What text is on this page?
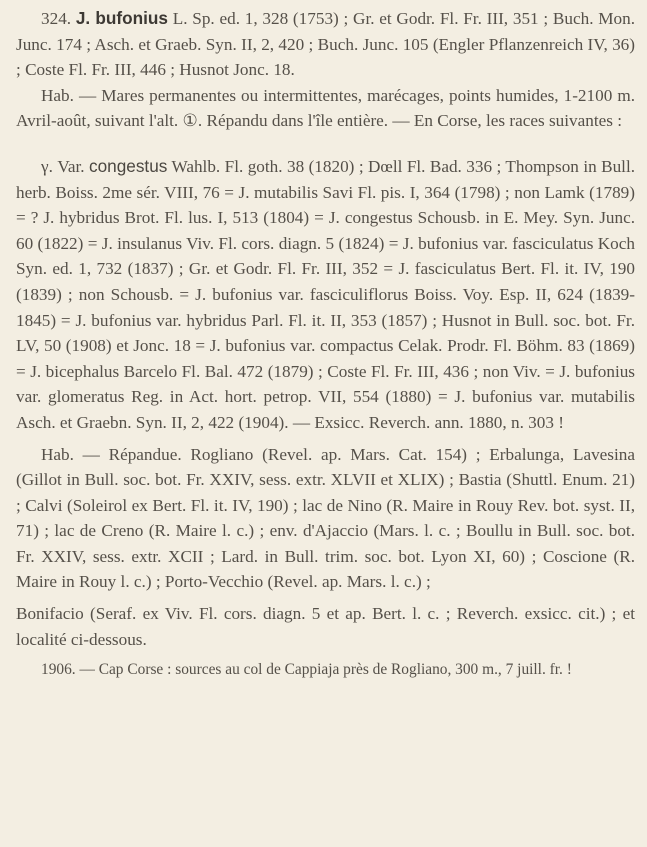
324. J. bufonius L. Sp. ed. 1, 328 (1753) ; Gr. et Godr. Fl. Fr. III, 351 ; Buch. Mon. Junc. 174 ; Asch. et Graeb. Syn. II, 2, 420 ; Buch. Junc. 105 (Engler Pflanzenreich IV, 36) ; Coste Fl. Fr. III, 446 ; Husnot Jonc. 18.

Hab. — Mares permanentes ou intermittentes, marécages, points humides, 1-2100 m. Avril-août, suivant l'alt. ①. Répandu dans l'île entière. — En Corse, les races suivantes :

γ. Var. congestus Wahlb. Fl. goth. 38 (1820) ; Dœll Fl. Bad. 336 ; Thompson in Bull. herb. Boiss. 2me sér. VIII, 76 = J. mutabilis Savi Fl. pis. I, 364 (1798) ; non Lamk (1789) = ? J. hybridus Brot. Fl. lus. I, 513 (1804) = J. congestus Schousb. in E. Mey. Syn. Junc. 60 (1822) = J. insulanus Viv. Fl. cors. diagn. 5 (1824) = J. bufonius var. fasciculatus Koch Syn. ed. 1, 732 (1837) ; Gr. et Godr. Fl. Fr. III, 352 = J. fasciculatus Bert. Fl. it. IV, 190 (1839) ; non Schousb. = J. bufonius var. fasciculiflorus Boiss. Voy. Esp. II, 624 (1839-1845) = J. bufonius var. hybridus Parl. Fl. it. II, 353 (1857) ; Husnot in Bull. soc. bot. Fr. LV, 50 (1908) et Jonc. 18 = J. bufonius var. compactus Celak. Prodr. Fl. Böhm. 83 (1869) = J. bicephalus Barcelo Fl. Bal. 472 (1879) ; Coste Fl. Fr. III, 436 ; non Viv. = J. bufonius var. glomeratus Reg. in Act. hort. petrop. VII, 554 (1880) = J. bufonius var. mutabilis Asch. et Graebn. Syn. II, 2, 422 (1904). — Exsicc. Reverch. ann. 1880, n. 303 !

Hab. — Répandue. Rogliano (Revel. ap. Mars. Cat. 154) ; Erbalunga, Lavesina (Gillot in Bull. soc. bot. Fr. XXIV, sess. extr. XLVII et XLIX) ; Bastia (Shuttl. Enum. 21) ; Calvi (Soleirol ex Bert. Fl. it. IV, 190) ; lac de Nino (R. Maire in Rouy Rev. bot. syst. II, 71) ; lac de Creno (R. Maire l. c.) ; env. d'Ajaccio (Mars. l. c. ; Boullu in Bull. soc. bot. Fr. XXIV, sess. extr. XCII ; Lard. in Bull. trim. soc. bot. Lyon XI, 60) ; Coscione (R. Maire in Rouy l. c.) ; Porto-Vecchio (Revel. ap. Mars. l. c.) ;

Bonifacio (Seraf. ex Viv. Fl. cors. diagn. 5 et ap. Bert. l. c. ; Reverch. exsicc. cit.) ; et localité ci-dessous.

1906. — Cap Corse : sources au col de Cappiaja près de Rogliano, 300 m., 7 juill. fr. !
